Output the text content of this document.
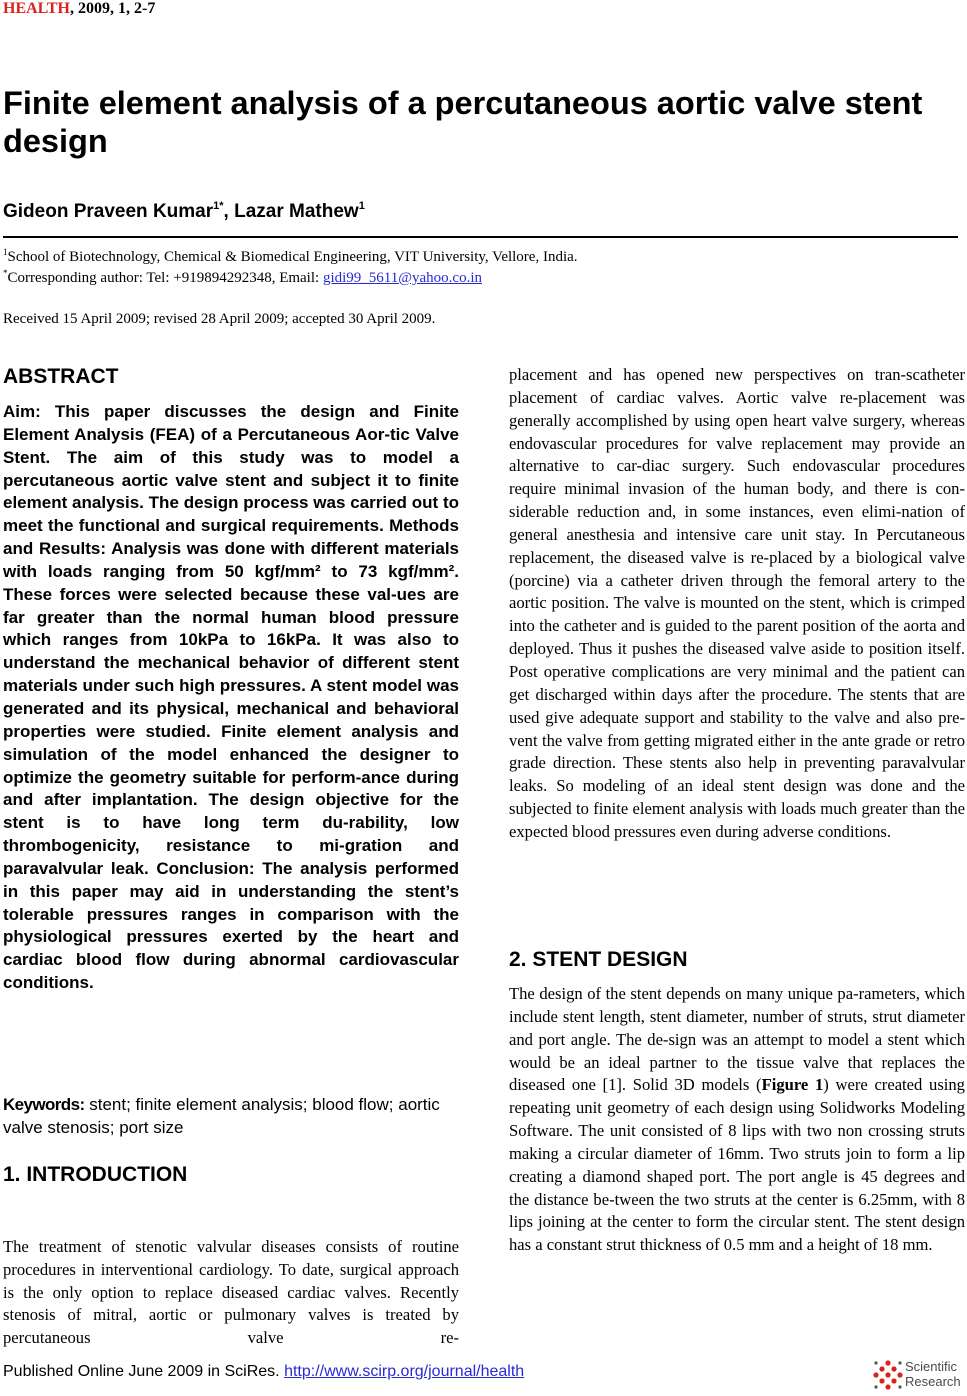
HEALTH, 2009, 1, 2-7
Finite element analysis of a percutaneous aortic valve stent design
Gideon Praveen Kumar$^{1*}$, Lazar Mathew$^1$
$^1$School of Biotechnology, Chemical & Biomedical Engineering, VIT University, Vellore, India.
*Corresponding author: Tel: +919894292348, Email: gidi99_5611@yahoo.co.in
Received 15 April 2009; revised 28 April 2009; accepted 30 April 2009.
ABSTRACT
Aim: This paper discusses the design and Finite Element Analysis (FEA) of a Percutaneous Aor-tic Valve Stent. The aim of this study was to model a percutaneous aortic valve stent and subject it to finite element analysis. The design process was carried out to meet the functional and surgical requirements. Methods and Results: Analysis was done with different materials with loads ranging from 50 kgf/mm² to 73 kgf/mm². These forces were selected because these val-ues are far greater than the normal human blood pressure which ranges from 10kPa to 16kPa. It was also to understand the mechanical behavior of different stent materials under such high pressures. A stent model was generated and its physical, mechanical and behavioral properties were studied. Finite element analysis and simulation of the model enhanced the designer to optimize the geometry suitable for perform-ance during and after implantation. The design objective for the stent is to have long term du-rability, low thrombogenicity, resistance to mi-gration and paravalvular leak. Conclusion: The analysis performed in this paper may aid in understanding the stent’s tolerable pressures ranges in comparison with the physiological pressures exerted by the heart and cardiac blood flow during abnormal cardiovascular conditions.
Keywords: stent; finite element analysis; blood flow; aortic valve stenosis; port size
1. INTRODUCTION
The treatment of stenotic valvular diseases consists of routine procedures in interventional cardiology. To date, surgical approach is the only option to replace diseased cardiac valves. Recently stenosis of mitral, aortic or pulmonary valves is treated by percutaneous valve re-
placement and has opened new perspectives on tran-scatheter placement of cardiac valves. Aortic valve re-placement was generally accomplished by using open heart valve surgery, whereas endovascular procedures for valve replacement may provide an alternative to car-diac surgery. Such endovascular procedures require minimal invasion of the human body, and there is con-siderable reduction and, in some instances, even elimi-nation of general anesthesia and intensive care unit stay. In Percutaneous replacement, the diseased valve is re-placed by a biological valve (porcine) via a catheter driven through the femoral artery to the aortic position. The valve is mounted on the stent, which is crimped into the catheter and is guided to the parent position of the aorta and deployed. Thus it pushes the diseased valve aside to position itself. Post operative complications are very minimal and the patient can get discharged within days after the procedure. The stents that are used give adequate support and stability to the valve and also pre-vent the valve from getting migrated either in the ante grade or retro grade direction. These stents also help in preventing paravalvular leaks. So modeling of an ideal stent design was done and the subjected to finite element analysis with loads much greater than the expected blood pressures even during adverse conditions.
2. STENT DESIGN
The design of the stent depends on many unique pa-rameters, which include stent length, stent diameter, number of struts, strut diameter and port angle. The de-sign was an attempt to model a stent which would be an ideal partner to the tissue valve that replaces the diseased one [1]. Solid 3D models (Figure 1) were created using repeating unit geometry of each design using Solidworks Modeling Software. The unit consisted of 8 lips with two non crossing struts making a circular diameter of 16mm. Two struts join to form a lip creating a diamond shaped port. The port angle is 45 degrees and the distance be-tween the two struts at the center is 6.25mm, with 8 lips joining at the center to form the circular stent. The stent design has a constant strut thickness of 0.5 mm and a height of 18 mm.
Published Online June 2009 in SciRes. http://www.scirp.org/journal/health	Scientific
Research
